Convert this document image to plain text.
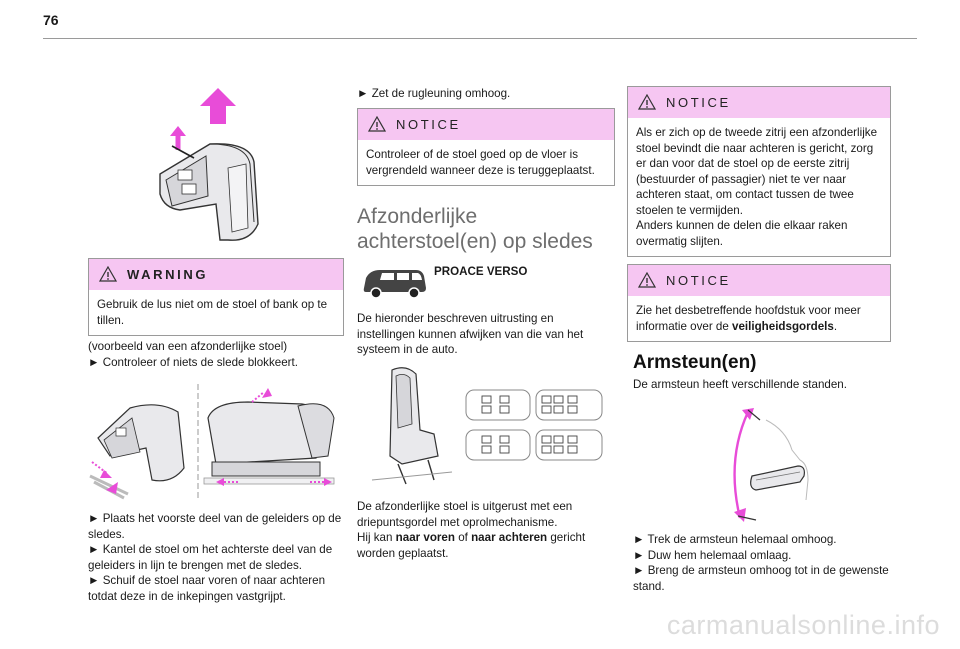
76
WARNING
Gebruik de lus niet om de stoel of bank op te tillen.
(voorbeeld van een afzonderlijke stoel)
► Controleer of niets de slede blokkeert.
► Plaats het voorste deel van de geleiders op de sledes.
► Kantel de stoel om het achterste deel van de geleiders in lijn te brengen met de sledes.
► Schuif de stoel naar voren of naar achteren totdat deze in de inkepingen vastgrijpt.
► Zet de rugleuning omhoog.
NOTICE
Controleer of de stoel goed op de vloer is vergrendeld wanneer deze is teruggeplaatst.
Afzonderlijke
achterstoel(en) op sledes
PROACE VERSO
De hieronder beschreven uitrusting en instellingen kunnen afwijken van die van het systeem in de auto.
De afzonderlijke stoel is uitgerust met een driepuntsgordel met oprolmechanisme.
Hij kan naar voren of naar achteren gericht worden geplaatst.
NOTICE
Als er zich op de tweede zitrij een afzonderlijke stoel bevindt die naar achteren is gericht, zorg er dan voor dat de stoel op de eerste zitrij (bestuurder of passagier) niet te ver naar achteren staat, om contact tussen de twee stoelen te vermijden.
Anders kunnen de delen die elkaar raken overmatig slijten.
NOTICE
Zie het desbetreffende hoofdstuk voor meer informatie over de veiligheidsgordels.
Armsteun(en)
De armsteun heeft verschillende standen.
► Trek de armsteun helemaal omhoog.
► Duw hem helemaal omlaag.
► Breng de armsteun omhoog tot in de gewenste stand.
carmanualsonline.info
